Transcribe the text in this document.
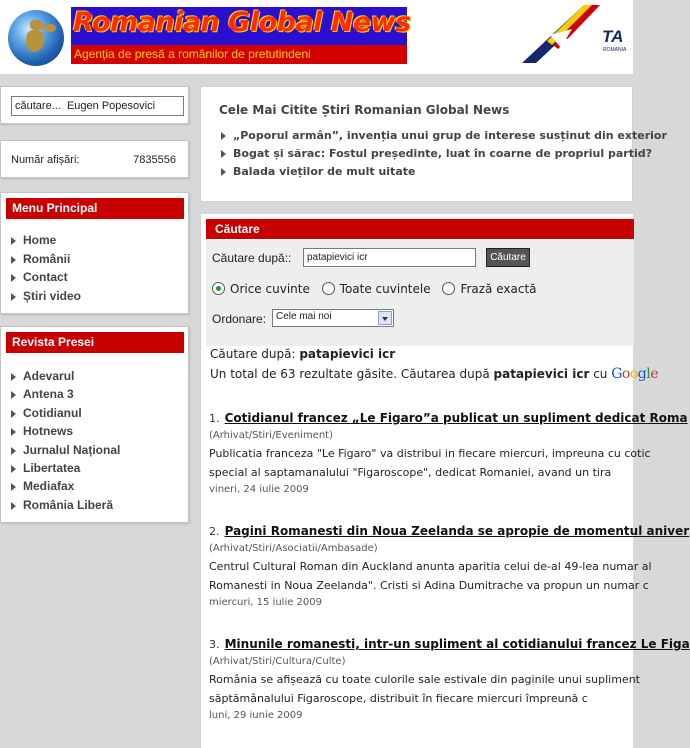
Romanian Global News
Agenția de presă a românilor de pretutindeni
TA
ROMANIA
căutare... Eugen Popesovici
Număr afișări:	7835556
Menu Principal
Home
Românii
Contact
Știri video
Revista Presei
Adevarul
Antena 3
Cotidianul
Hotnews
Jurnalul Național
Libertatea
Mediafax
România Liberă
Cele Mai Citite Știri Romanian Global News
„Poporul armân”, invenția unui grup de interese susținut din exterior
Bogat și sărac: Fostul președinte, luat în coarne de propriul partid?
Balada vieților de mult uitate
Căutare
Căutare după::
patapievici icr	Căutare
Orice cuvinte Toate cuvintele Frază exactă
Ordonare: Cele mai noi
Căutare după: patapievici icr
Un total de 63 rezultate găsite. Căutarea după patapievici icr cu Google
1. Cotidianul francez „Le Figaro”a publicat un supliment dedicat Roma
(Arhivat/Stiri/Eveniment)
Publicatia franceza "Le Figaro" va distribui in fiecare miercuri, impreuna cu cotic
special al saptamanalului "Figaroscope", dedicat Romaniei, avand un tira
vineri, 24 iulie 2009
2. Pagini Romanesti din Noua Zeelanda se apropie de momentul aniver
(Arhivat/Stiri/Asociatii/Ambasade)
Centrul Cultural Roman din Auckland anunta aparitia celui de-al 49-lea numar al
Romanesti in Noua Zeelanda". Cristi si Adina Dumitrache va propun un numar c
miercuri, 15 iulie 2009
3. Minunile romanesti, intr-un supliment al cotidianului francez Le Figa
(Arhivat/Stiri/Cultura/Culte)
România se afișează cu toate culorile sale estivale din paginile unui supliment
săptămânalului Figaroscope, distribuit în fiecare miercuri împreună c
luni, 29 iunie 2009
